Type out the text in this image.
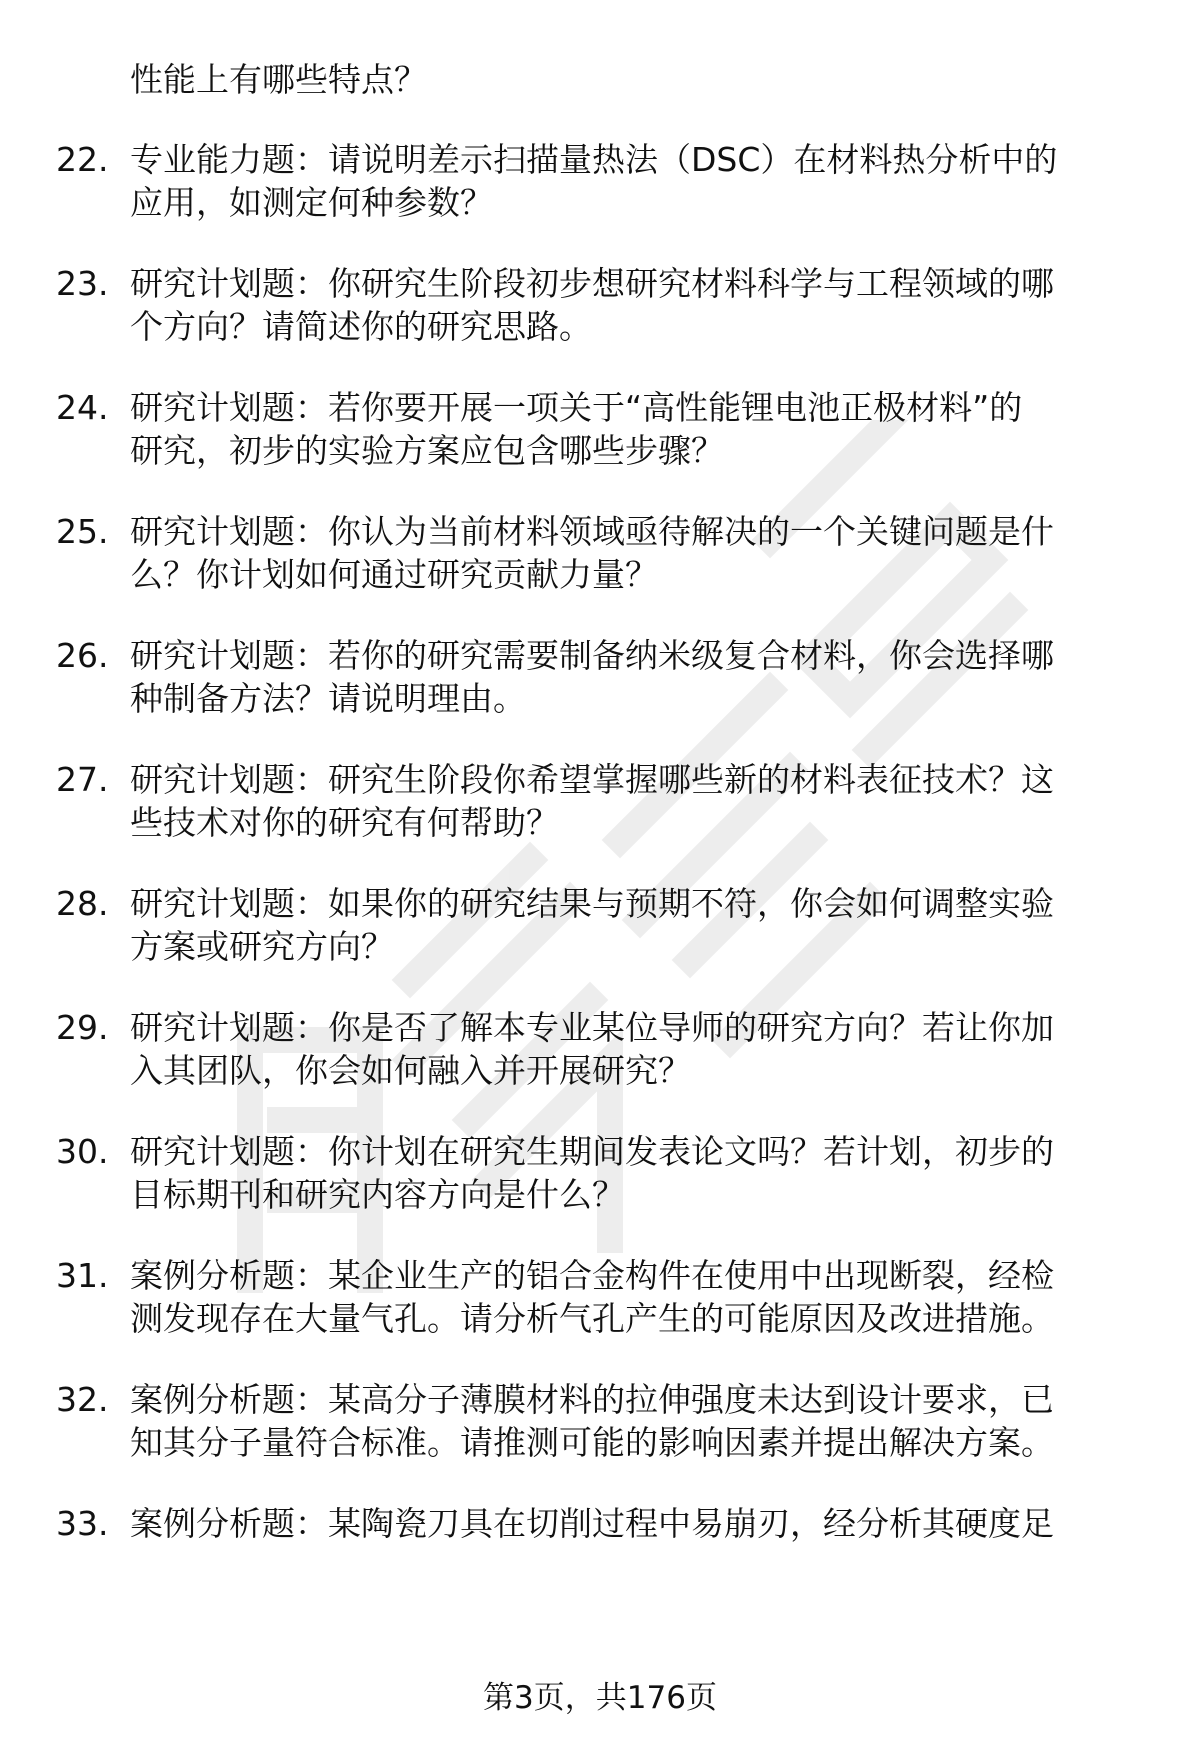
性能上有哪些特点？
22. 专业能力题：请说明差示扫描量热法（DSC）在材料热分析中的
应用，如测定何种参数？
23. 研究计划题：你研究生阶段初步想研究材料科学与工程领域的哪
个方向？请简述你的研究思路。
24. 研究计划题：若你要开展一项关于“高性能锂电池正极材料”的
研究，初步的实验方案应包含哪些步骤？
25. 研究计划题：你认为当前材料领域亟待解决的一个关键问题是什
么？你计划如何通过研究贡献力量？
26. 研究计划题：若你的研究需要制备纳米级复合材料，你会选择哪
种制备方法？请说明理由。
27. 研究计划题：研究生阶段你希望掌握哪些新的材料表征技术？这
些技术对你的研究有何帮助？
28. 研究计划题：如果你的研究结果与预期不符，你会如何调整实验
方案或研究方向？
29. 研究计划题：你是否了解本专业某位导师的研究方向？若让你加
入其团队，你会如何融入并开展研究？
30. 研究计划题：你计划在研究生期间发表论文吗？若计划，初步的
目标期刊和研究内容方向是什么？
31. 案例分析题：某企业生产的铝合金构件在使用中出现断裂，经检
测发现存在大量气孔。请分析气孔产生的可能原因及改进措施。
32. 案例分析题：某高分子薄膜材料的拉伸强度未达到设计要求，已
知其分子量符合标准。请推测可能的影响因素并提出解决方案。
33. 案例分析题：某陶瓷刀具在切削过程中易崩刃，经分析其硬度足
第3页，共176页
